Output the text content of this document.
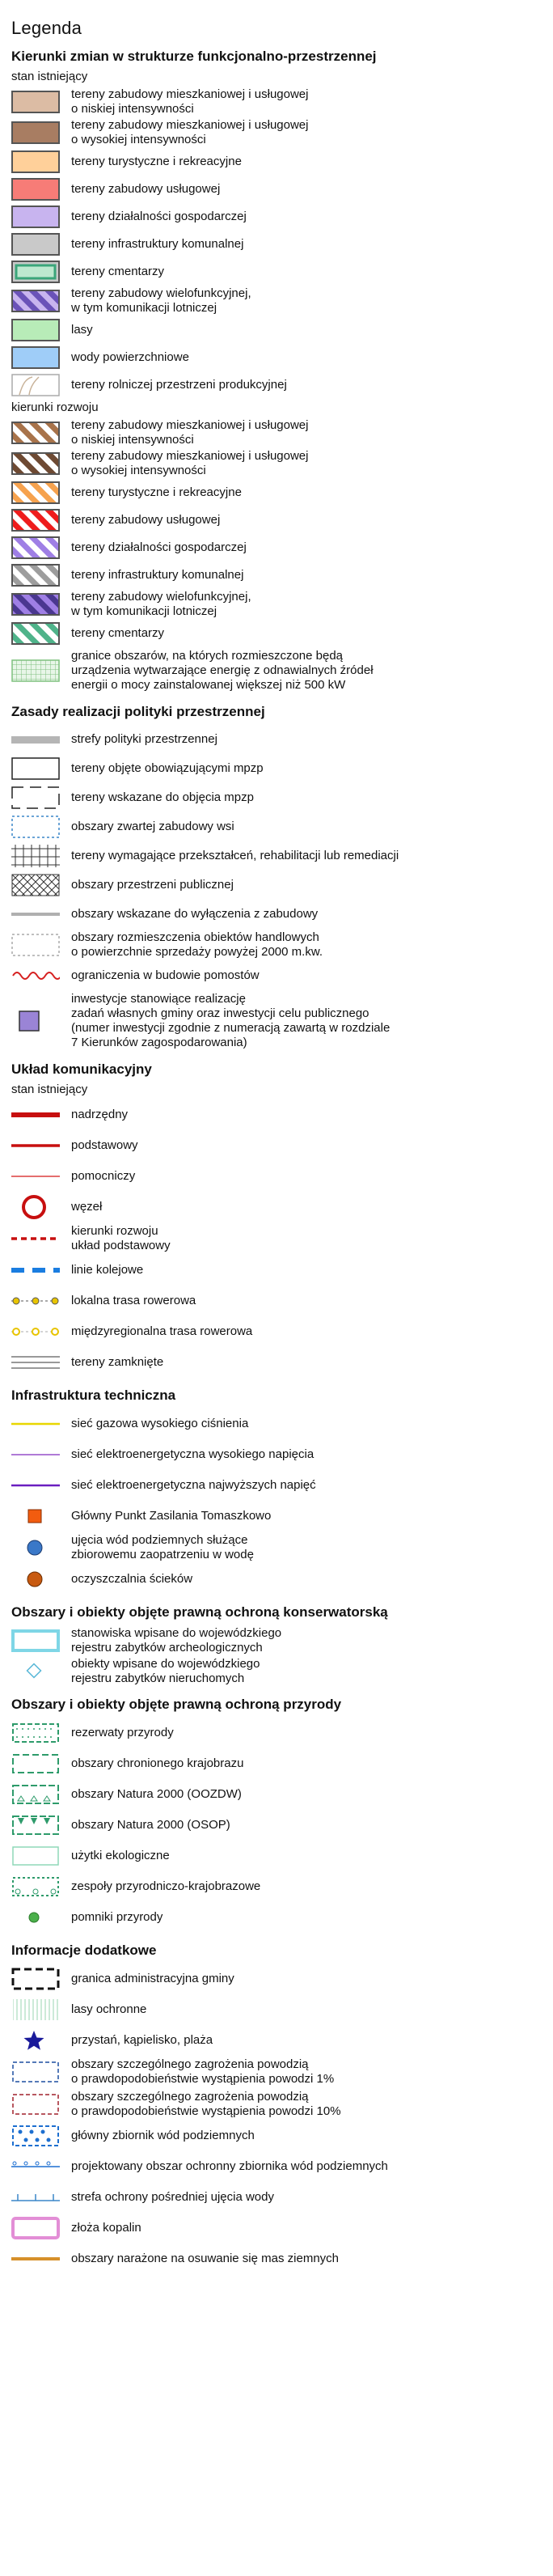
Legenda
Kierunki zmian w strukturze funkcjonalno-przestrzennej
stan istniejący
tereny zabudowy mieszkaniowej i usługowej
o niskiej intensywności
tereny zabudowy mieszkaniowej i usługowej
o wysokiej intensywności
tereny turystyczne i rekreacyjne
tereny zabudowy usługowej
tereny działalności gospodarczej
tereny infrastruktury komunalnej
tereny cmentarzy
tereny zabudowy wielofunkcyjnej,
w tym komunikacji lotniczej
lasy
wody powierzchniowe
tereny rolniczej przestrzeni produkcyjnej
kierunki rozwoju
tereny zabudowy mieszkaniowej i usługowej
o niskiej intensywności
tereny zabudowy mieszkaniowej i usługowej
o wysokiej intensywności
tereny turystyczne i rekreacyjne
tereny zabudowy usługowej
tereny działalności gospodarczej
tereny infrastruktury komunalnej
tereny zabudowy wielofunkcyjnej,
w tym komunikacji lotniczej
tereny cmentarzy
granice obszarów, na których rozmieszczone będą
urządzenia wytwarzające energię z odnawialnych źródeł
energii o mocy zainstalowanej większej niż 500 kW
Zasady realizacji polityki przestrzennej
strefy polityki przestrzennej
tereny objęte obowiązującymi mpzp
tereny wskazane do objęcia mpzp
obszary zwartej zabudowy wsi
tereny wymagające przekształceń, rehabilitacji lub remediacji
obszary przestrzeni publicznej
obszary wskazane do wyłączenia z zabudowy
obszary rozmieszczenia obiektów handlowych
o powierzchnie sprzedaży powyżej 2000 m.kw.
ograniczenia w budowie pomostów
inwestycje stanowiące realizację
zadań własnych gminy oraz inwestycji celu publicznego
(numer inwestycji zgodnie z numeracją zawartą w rozdziale
7 Kierunków zagospodarowania)
Układ komunikacyjny
stan istniejący
nadrzędny
podstawowy
pomocniczy
węzeł
kierunki rozwoju
układ podstawowy
linie kolejowe
lokalna trasa rowerowa
międzyregionalna trasa rowerowa
tereny zamknięte
Infrastruktura techniczna
sieć gazowa wysokiego ciśnienia
sieć elektroenergetyczna wysokiego napięcia
sieć elektroenergetyczna najwyższych napięć
Główny Punkt Zasilania Tomaszkowo
ujęcia wód podziemnych służące
zbiorowemu zaopatrzeniu w wodę
oczyszczalnia ścieków
Obszary i obiekty objęte prawną ochroną konserwatorską
stanowiska wpisane do wojewódzkiego
rejestru zabytków archeologicznych
obiekty wpisane do wojewódzkiego
rejestru zabytków nieruchomych
Obszary i obiekty objęte prawną ochroną przyrody
rezerwaty przyrody
obszary chronionego krajobrazu
obszary Natura 2000 (OOZDW)
obszary Natura 2000 (OSOP)
użytki ekologiczne
zespoły przyrodniczo-krajobrazowe
pomniki przyrody
Informacje dodatkowe
granica administracyjna gminy
lasy ochronne
przystań, kąpielisko, plaża
obszary szczególnego zagrożenia powodzią
o prawdopodobieństwie wystąpienia powodzi 1%
obszary szczególnego zagrożenia powodzią
o prawdopodobieństwie wystąpienia powodzi 10%
główny zbiornik wód podziemnych
projektowany obszar ochronny zbiornika wód podziemnych
strefa ochrony pośredniej ujęcia wody
złoża kopalin
obszary narażone na osuwanie się mas ziemnych
